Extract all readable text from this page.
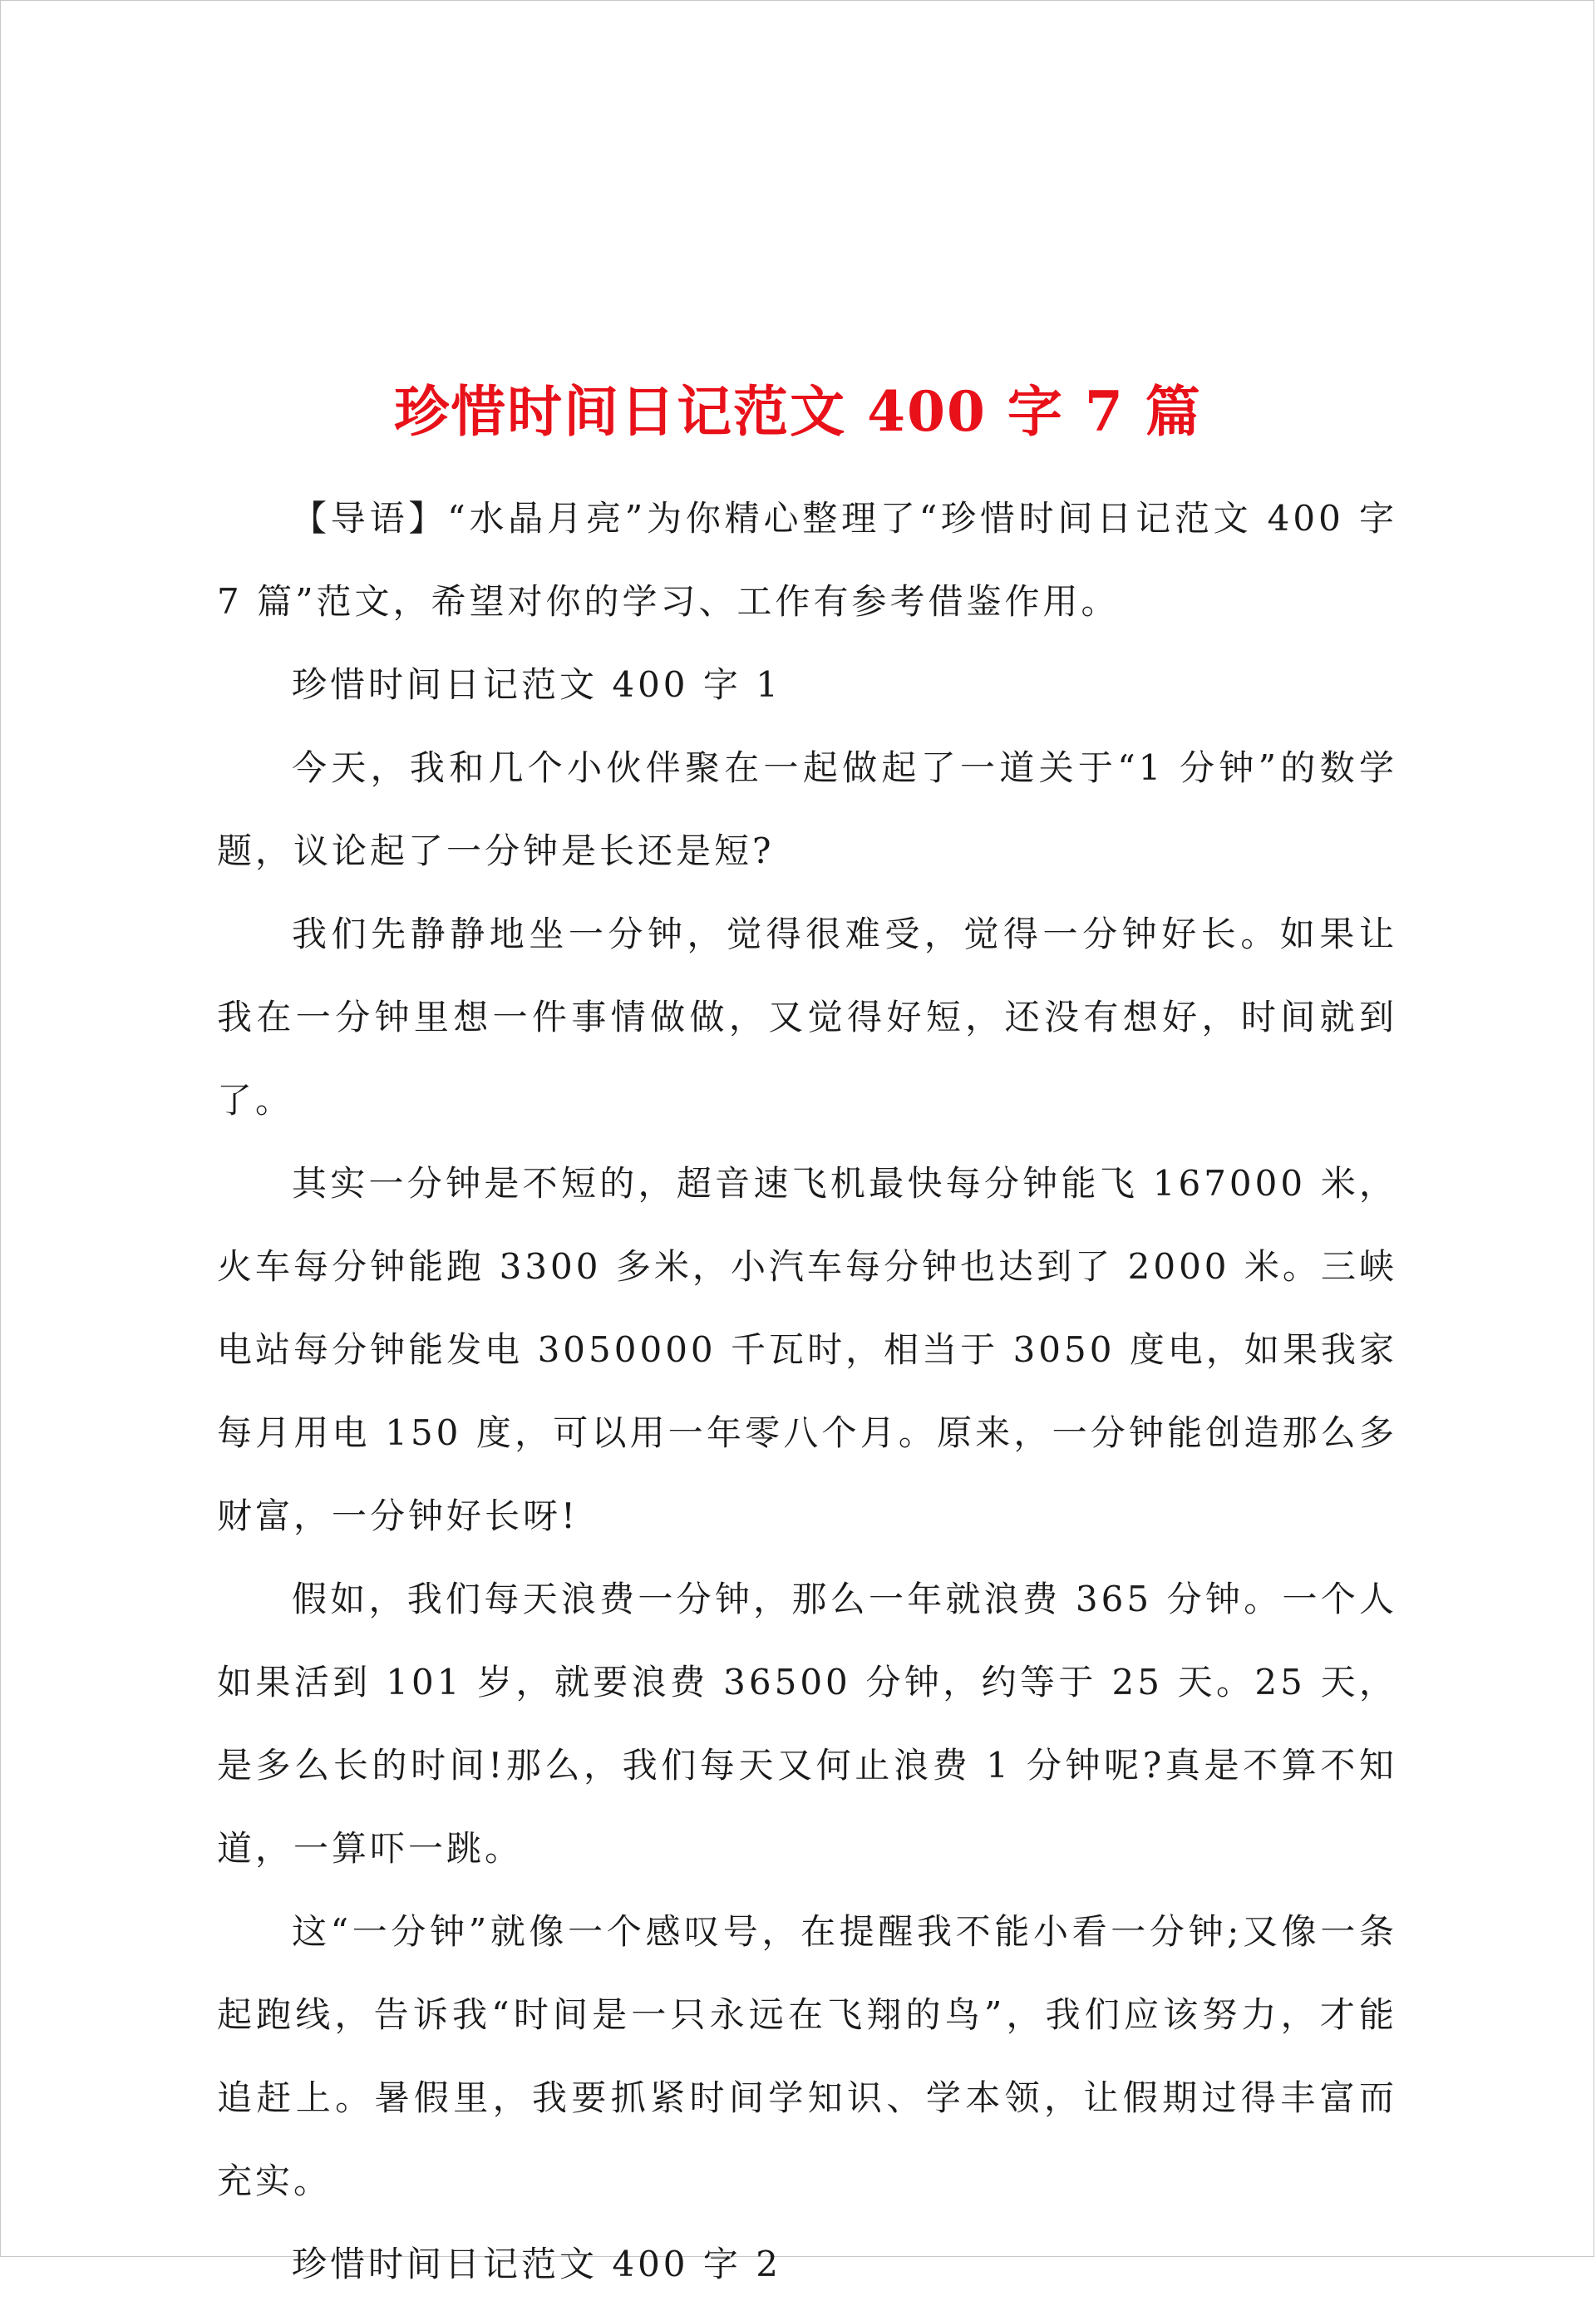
珍惜时间日记范文 400 字 7 篇

【导语】“水晶月亮”为你精心整理了“珍惜时间日记范文 400 字 7 篇”范文，希望对你的学习、工作有参考借鉴作用。

珍惜时间日记范文 400 字 1

今天，我和几个小伙伴聚在一起做起了一道关于“1 分钟”的数学题，议论起了一分钟是长还是短?

我们先静静地坐一分钟，觉得很难受，觉得一分钟好长。如果让我在一分钟里想一件事情做做，又觉得好短，还没有想好，时间就到了。

其实一分钟是不短的，超音速飞机最快每分钟能飞 167000 米，火车每分钟能跑 3300 多米，小汽车每分钟也达到了 2000 米。三峡电站每分钟能发电 3050000 千瓦时，相当于 3050 度电，如果我家每月用电 150 度，可以用一年零八个月。原来，一分钟能创造那么多财富，一分钟好长呀!

假如，我们每天浪费一分钟，那么一年就浪费 365 分钟。一个人如果活到 101 岁，就要浪费 36500 分钟，约等于 25 天。25 天，是多么长的时间!那么，我们每天又何止浪费 1 分钟呢?真是不算不知道，一算吓一跳。

这“一分钟”就像一个感叹号，在提醒我不能小看一分钟;又像一条起跑线，告诉我“时间是一只永远在飞翔的鸟”，我们应该努力，才能追赶上。暑假里，我要抓紧时间学知识、学本领，让假期过得丰富而充实。

珍惜时间日记范文 400 字 2
